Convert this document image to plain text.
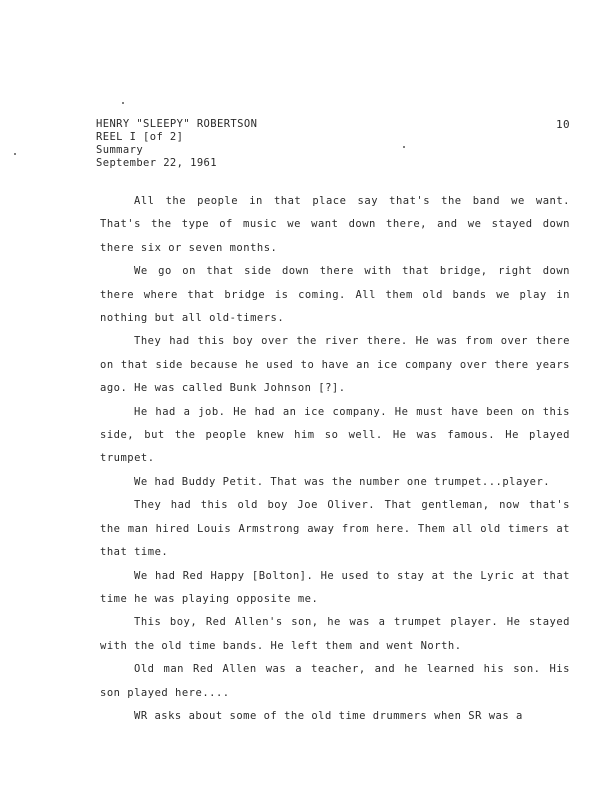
HENRY "SLEEPY" ROBERTSON
REEL I [of 2]
Summary
September 22, 1961
10

All the people in that place say that's the band we want. That's the type of music we want down there, and we stayed down there six or seven months.

We go on that side down there with that bridge, right down there where that bridge is coming. All them old bands we play in nothing but all old-timers.

They had this boy over the river there. He was from over there on that side because he used to have an ice company over there years ago. He was called Bunk Johnson [?].

He had a job. He had an ice company. He must have been on this side, but the people knew him so well. He was famous. He played trumpet.

We had Buddy Petit. That was the number one trumpet...player.

They had this old boy Joe Oliver. That gentleman, now that's the man hired Louis Armstrong away from here. Them all old timers at that time.

We had Red Happy [Bolton]. He used to stay at the Lyric at that time he was playing opposite me.

This boy, Red Allen's son, he was a trumpet player. He stayed with the old time bands. He left them and went North.

Old man Red Allen was a teacher, and he learned his son. His son played here....

WR asks about some of the old time drummers when SR was a
